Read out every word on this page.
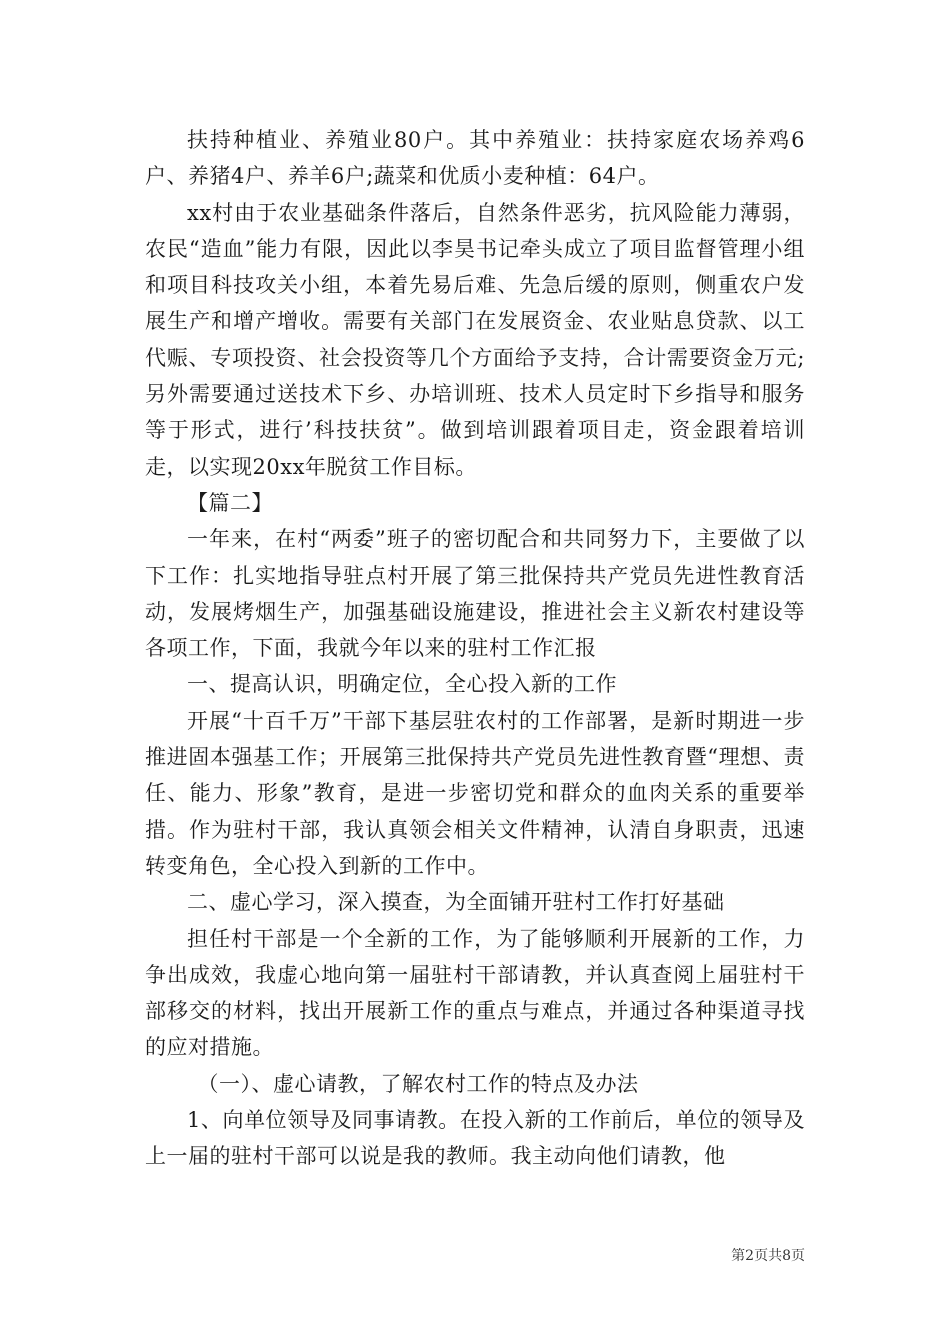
扶持种植业、养殖业80户。其中养殖业：扶持家庭农场养鸡6户、养猪4户、养羊6户;蔬菜和优质小麦种植：64户。

xx村由于农业基础条件落后，自然条件恶劣，抗风险能力薄弱，农民“造血”能力有限，因此以李昊书记牵头成立了项目监督管理小组和项目科技攻关小组，本着先易后难、先急后缓的原则，侧重农户发展生产和增产增收。需要有关部门在发展资金、农业贴息贷款、以工代赈、专项投资、社会投资等几个方面给予支持，合计需要资金万元;另外需要通过送技术下乡、办培训班、技术人员定时下乡指导和服务等于形式，进行’科技扶贫”。做到培训跟着项目走，资金跟着培训走，以实现20xx年脱贫工作目标。

【篇二】

一年来，在村“两委”班子的密切配合和共同努力下，主要做了以下工作：扎实地指导驻点村开展了第三批保持共产党员先进性教育活动，发展烤烟生产，加强基础设施建设，推进社会主义新农村建设等各项工作，下面，我就今年以来的驻村工作汇报

一、提高认识，明确定位，全心投入新的工作

开展“十百千万”干部下基层驻农村的工作部署，是新时期进一步推进固本强基工作；开展第三批保持共产党员先进性教育暨“理想、责任、能力、形象”教育，是进一步密切党和群众的血肉关系的重要举措。作为驻村干部，我认真领会相关文件精神，认清自身职责，迅速转变角色，全心投入到新的工作中。

二、虚心学习，深入摸查，为全面铺开驻村工作打好基础

担任村干部是一个全新的工作，为了能够顺利开展新的工作，力争出成效，我虚心地向第一届驻村干部请教，并认真查阅上届驻村干部移交的材料，找出开展新工作的重点与难点，并通过各种渠道寻找的应对措施。

（一）、虚心请教，了解农村工作的特点及办法

1、向单位领导及同事请教。在投入新的工作前后，单位的领导及上一届的驻村干部可以说是我的教师。我主动向他们请教，他

第2页共8页
